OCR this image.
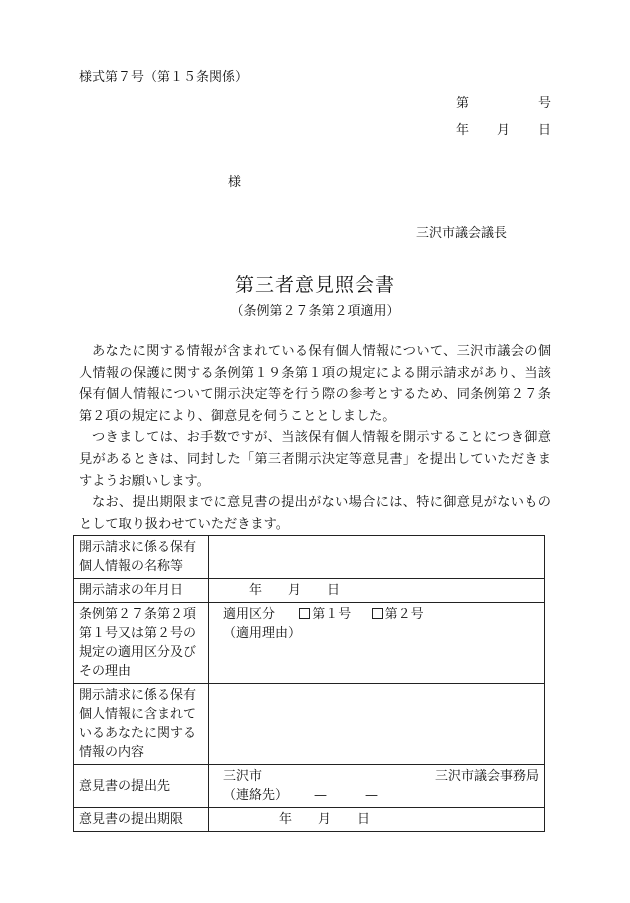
様式第７号（第１５条関係）
第	号
年 月 日
様
三沢市議会議長
第三者意見照会書
（条例第２７条第２項適用）

あなたに関する情報が含まれている保有個人情報について、三沢市議会の個人情報の保護に関する条例第１９条第１項の規定による開示請求があり、当該保有個人情報について開示決定等を行う際の参考とするため、同条例第２７条第２項の規定により、御意見を伺うこととしました。

つきましては、お手数ですが、当該保有個人情報を開示することにつき御意見があるときは、同封した「第三者開示決定等意見書」を提出していただきますようお願いします。

なお、提出期限までに意見書の提出がない場合には、特に御意見がないものとして取り扱わせていただきます。

開示請求に係る保有個人情報の名称等	
開示請求の年月日	年 月 日
条例第２７条第２項第１号又は第２号の規定の適用区分及びその理由	適用区分 第１号 第２号
（適用理由）

開示請求に係る保有個人情報に含まれているあなたに関する情報の内容	
意見書の提出先	三沢市 三沢市議会事務局
（連絡先） — —

意見書の提出期限	年 月 日
